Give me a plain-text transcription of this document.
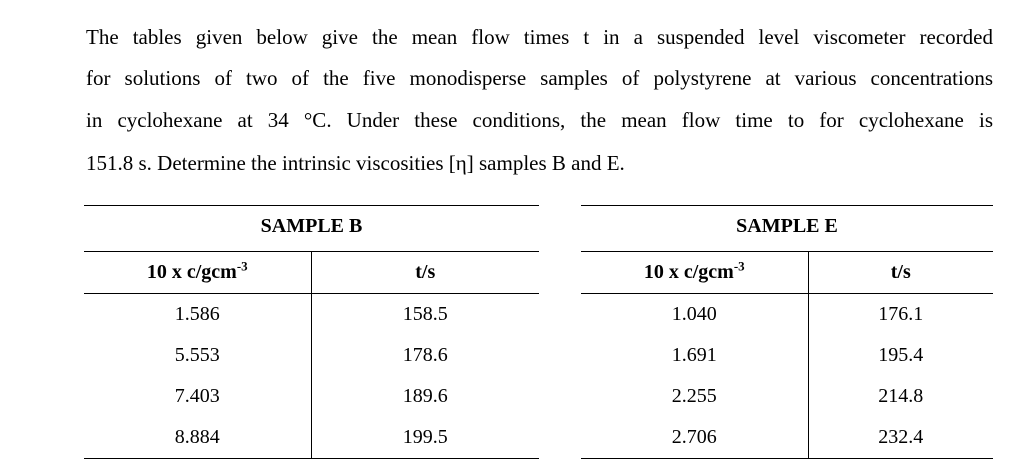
The tables given below give the mean flow times t in a suspended level viscometer recorded
for solutions of two of the five monodisperse samples of polystyrene at various concentrations
in cyclohexane at 34 °C. Under these conditions, the mean flow time to for cyclohexane is
151.8 s. Determine the intrinsic viscosities [η] samples B and E.
SAMPLE B	
10 x c/gcm$^{-3}$	t/s
1.586	158.5
5.553	178.6
7.403	189.6
8.884	199.5
SAMPLE E	
10 x c/gcm$^{-3}$	t/s
1.040	176.1
1.691	195.4
2.255	214.8
2.706	232.4
